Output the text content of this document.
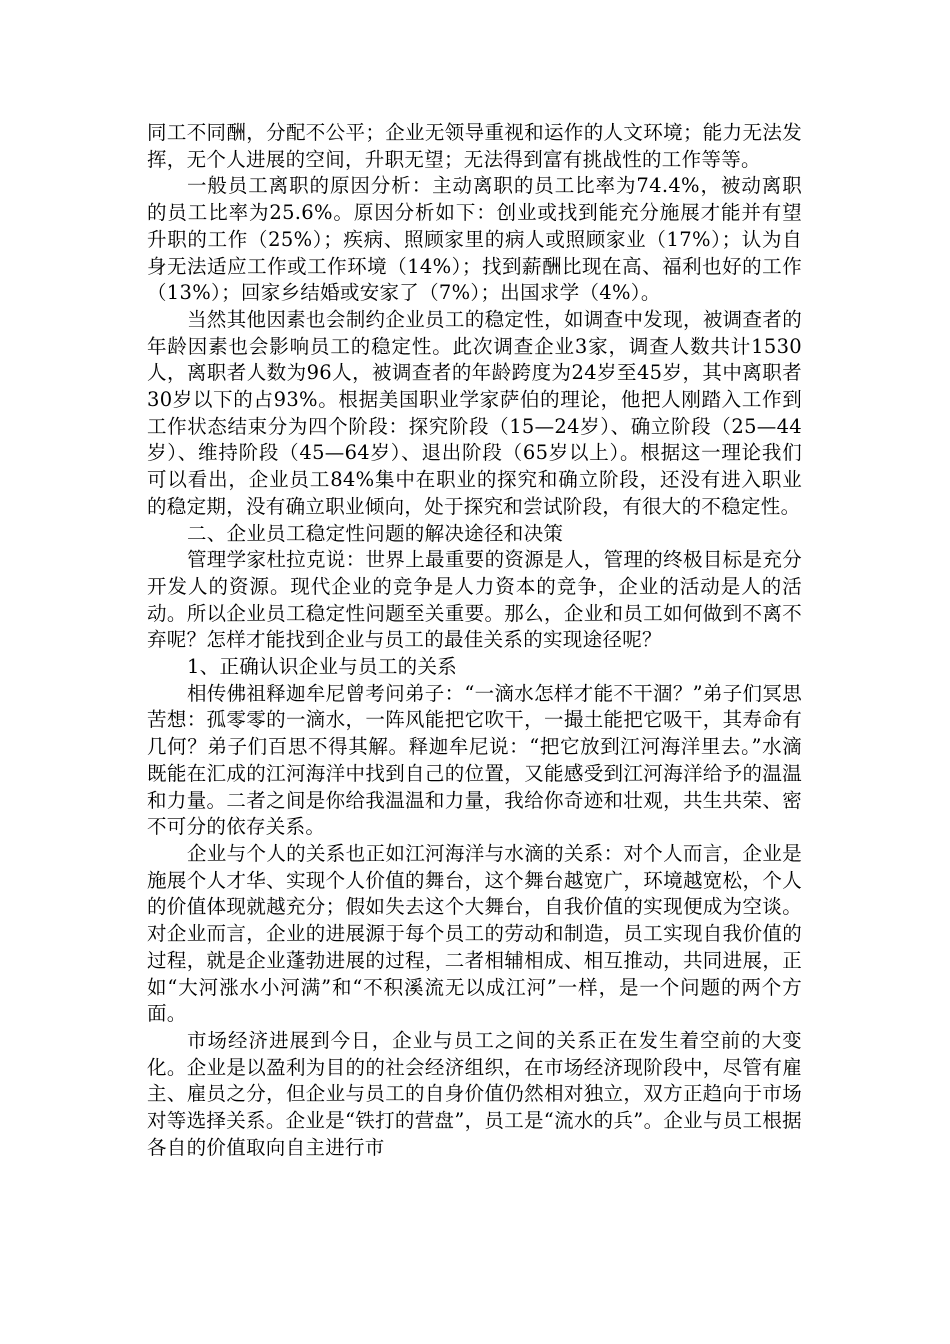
同工不同酬，分配不公平；企业无领导重视和运作的人文环境；能力无法发挥，无个人进展的空间，升职无望；无法得到富有挑战性的工作等等。

一般员工离职的原因分析：主动离职的员工比率为74.4%，被动离职的员工比率为25.6%。原因分析如下：创业或找到能充分施展才能并有望升职的工作（25%）；疾病、照顾家里的病人或照顾家业（17%）；认为自身无法适应工作或工作环境（14%）；找到薪酬比现在高、福利也好的工作（13%）；回家乡结婚或安家了（7%）；出国求学（4%）。

当然其他因素也会制约企业员工的稳定性，如调查中发现，被调查者的年龄因素也会影响员工的稳定性。此次调查企业3家，调查人数共计1530人，离职者人数为96人，被调查者的年龄跨度为24岁至45岁，其中离职者30岁以下的占93%。根据美国职业学家萨伯的理论，他把人刚踏入工作到工作状态结束分为四个阶段：探究阶段（15—24岁）、确立阶段（25—44岁）、维持阶段（45—64岁）、退出阶段（65岁以上）。根据这一理论我们可以看出，企业员工84%集中在职业的探究和确立阶段，还没有进入职业的稳定期，没有确立职业倾向，处于探究和尝试阶段，有很大的不稳定性。

二、企业员工稳定性问题的解决途径和决策

管理学家杜拉克说：世界上最重要的资源是人，管理的终极目标是充分开发人的资源。现代企业的竞争是人力资本的竞争，企业的活动是人的活动。所以企业员工稳定性问题至关重要。那么，企业和员工如何做到不离不弃呢？怎样才能找到企业与员工的最佳关系的实现途径呢？

1、正确认识企业与员工的关系

相传佛祖释迦牟尼曾考问弟子：“一滴水怎样才能不干涸？”弟子们冥思苦想：孤零零的一滴水，一阵风能把它吹干，一撮土能把它吸干，其寿命有几何？弟子们百思不得其解。释迦牟尼说：“把它放到江河海洋里去。”水滴既能在汇成的江河海洋中找到自己的位置，又能感受到江河海洋给予的温温和力量。二者之间是你给我温温和力量，我给你奇迹和壮观，共生共荣、密不可分的依存关系。

企业与个人的关系也正如江河海洋与水滴的关系：对个人而言，企业是施展个人才华、实现个人价值的舞台，这个舞台越宽广，环境越宽松，个人的价值体现就越充分；假如失去这个大舞台，自我价值的实现便成为空谈。对企业而言，企业的进展源于每个员工的劳动和制造，员工实现自我价值的过程，就是企业蓬勃进展的过程，二者相辅相成、相互推动，共同进展，正如“大河涨水小河满”和“不积溪流无以成江河”一样，是一个问题的两个方面。

市场经济进展到今日，企业与员工之间的关系正在发生着空前的大变化。企业是以盈利为目的的社会经济组织，在市场经济现阶段中，尽管有雇主、雇员之分，但企业与员工的自身价值仍然相对独立，双方正趋向于市场对等选择关系。企业是“铁打的营盘”，员工是“流水的兵”。企业与员工根据各自的价值取向自主进行市
